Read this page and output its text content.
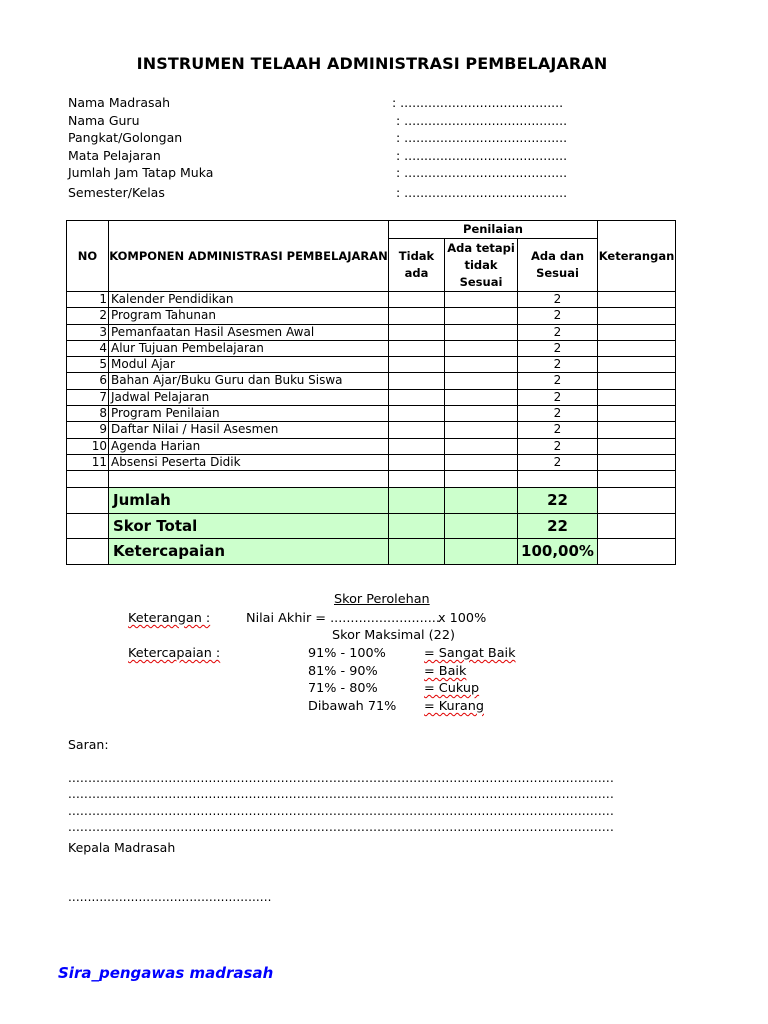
INSTRUMEN TELAAH ADMINISTRASI PEMBELAJARAN
Nama Madrasah	: .........................................
Nama Guru	: .........................................
Pangkat/Golongan	: .........................................
Mata Pelajaran	: .........................................
Jumlah Jam Tatap Muka	: .........................................
Semester/Kelas	: .........................................
NO	KOMPONEN ADMINISTRASI PEMBELAJARAN	Penilaian			Keterangan
		Tidak ada	Ada tetapi tidak Sesuai	Ada dan Sesuai	
1	Kalender Pendidikan			2	
2	Program Tahunan			2	
3	Pemanfaatan Hasil Asesmen Awal			2	
4	Alur Tujuan Pembelajaran			2	
5	Modul Ajar			2	
6	Bahan Ajar/Buku Guru dan Buku Siswa			2	
7	Jadwal Pelajaran			2	
8	Program Penilaian			2	
9	Daftar Nilai / Hasil Asesmen			2	
10	Agenda Harian			2	
11	Absensi Peserta Didik			2	

	Jumlah			22	
	Skor Total			22	
	Ketercapaian			100,00%	
Skor Perolehan
Keterangan :	Nilai Akhir = ...........................
x 100%
Skor Maksimal (22)
Ketercapaian :	91% - 100%	= Sangat Baik
81% - 90%	= Baik
71% - 80%	= Cukup
Dibawah 71% = Kurang
Saran:
........................................................................................................................................
........................................................................................................................................
........................................................................................................................................
........................................................................................................................................
Kepala Madrasah
....................................................
Sira_pengawas madrasah
